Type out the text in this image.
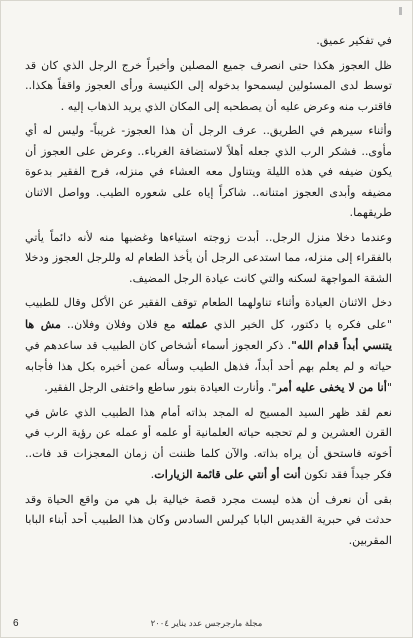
في تفكير عميق.

ظل العجوز هكذا حتى انصرف جميع المصلين وأخيراً خرج الرجل الذي كان قد توسط لدى المسئولين ليسمحوا بدخوله إلى الكنيسة ورأى العجوز واقفاً هكذا.. فاقترب منه وعرض عليه أن يصطحبه إلى المكان الذي يريد الذهاب إليه .

وأثناء سيرهم في الطريق.. عرف الرجل أن هذا العجوز- غريباً- وليس له أي مأوى.. فشكر الرب الذي جعله أهلاً لاستضافة الغرباء.. وعرض على العجوز أن يكون ضيفه في هذه الليلة ويتناول معه العشاء في منزله، فرح الفقير بدعوة مضيفه وأبدى العجوز امتنانه.. شاكراً إياه على شعوره الطيب. وواصل الاثنان طريقهما.

وعندما دخلا منزل الرجل.. أبدت زوجته استياءها وغضبها منه لأنه دائماً يأتي بالفقراء إلى منزله، مما استدعى الرجل أن يأخذ الطعام له وللرجل العجوز ودخلا الشقة المواجهة لسكنه والتي كانت عيادة الرجل المضيف.

دخل الاثنان العيادة وأثناء تناولهما الطعام توقف الفقير عن الأكل وقال للطبيب "على فكره يا دكتور، كل الخير الذي عملته مع فلان وفلان وفلان.. مش ها يتنسي أبداً قدام الله". ذكر العجوز أسماء أشخاص كان الطبيب قد ساعدهم في حياته و لم يعلم بهم أحد أبداً، فذهل الطيب وسأله عمن أخبره بكل هذا فأجابه "أنا من لا يخفى عليه أمر". وأنارت العيادة بنور ساطع واختفى الرجل الفقير.

نعم لقد ظهر السيد المسيح له المجد بذاته أمام هذا الطبيب الذي عاش في القرن العشرين و لم تحجبه حياته العلمانية أو علمه أو عمله عن رؤية الرب في أخوته فاستحق أن يراه بذاته. والآن كلما ظننت أن زمان المعجزات قد فات.. فكر جيداً فقد تكون أنت أو أنتي على قائمة الزيارات.

بقى أن نعرف أن هذه ليست مجرد قصة خيالية بل هي من واقع الحياة وقد حدثت في حبرية القديس البابا كيرلس السادس وكان هذا الطبيب أحد أبناء البابا المقربين.

مجلة مارجرجس عدد يناير ٢٠٠٤
6
